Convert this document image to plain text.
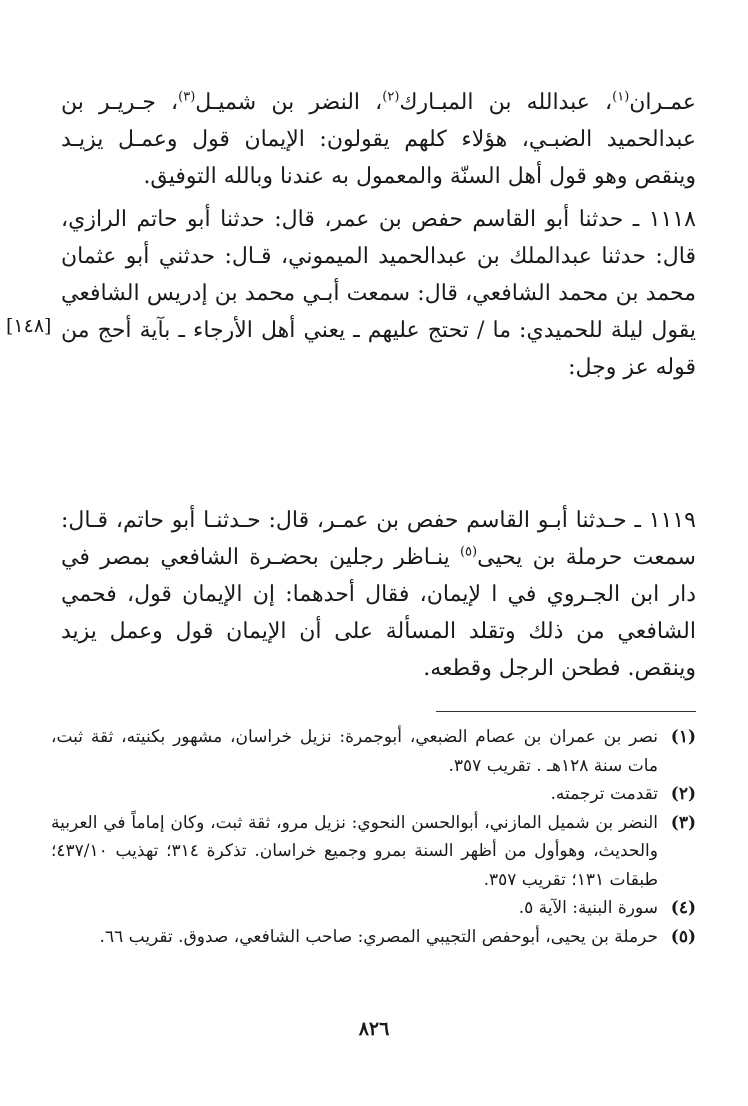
عمـران$^{(١)}$، عبدالله بن المبـارك$^{(٢)}$، النضر بن شميـل$^{(٣)}$، جـريـر بن عبدالحميد الضبـي، هؤلاء كلهم يقولون: الإيمان قول وعمـل يزيـد وينقص وهو قول أهل السنّة والمعمول به عندنا وبالله التوفيق.

١١١٨ ـ حدثنا أبو القاسم حفص بن عمر، قال: حدثنا أبو حاتم الرازي، قال: حدثنا عبدالملك بن عبدالحميد الميموني، قـال: حدثني أبو عثمان محمد بن محمد الشافعي، قال: سمعت أبـي محمد بن إدريس الشافعي يقول ليلة للحميدي: ما / تحتج عليهم ـ يعني أهل الأرجاء ـ بآية أحج من قوله عز وجل:

[١٤٨]

١١١٩ ـ حـدثنا أبـو القاسم حفص بن عمـر، قال: حـدثنـا أبو حاتم، قـال: سمعت حرملة بن يحيى$^{(٥)}$ ينـاظر رجلين بحضـرة الشافعي بمصر في دار ابن الجـروي في ا لإيمان، فقال أحدهما: إن الإيمان قول، فحمي الشافعي من ذلك وتقلد المسألة على أن الإيمان قول وعمل يزيد وينقص. فطحن الرجل وقطعه.

(١)
نصر بن عمران بن عصام الضبعي، أبوجمرة: نزيل خراسان، مشهور بكنيته، ثقة ثبت، مات سنة ١٢٨هـ . تقريب ٣٥٧.
(٢)
تقدمت ترجمته.
(٣)
النضر بن شميل المازني، أبوالحسن النحوي: نزيل مرو، ثقة ثبت، وكان إماماً في العربية والحديث، وهوأول من أظهر السنة بمرو وجميع خراسان. تذكرة ٣١٤؛ تهذيب ٤٣٧/١٠؛ طبقات ١٣١؛ تقريب ٣٥٧.
(٤)
سورة البنية: الآية ٥.
(٥)
حرملة بن يحيى، أبوحفص التجيبي المصري: صاحب الشافعي، صدوق. تقريب ٦٦.
٨٢٦
